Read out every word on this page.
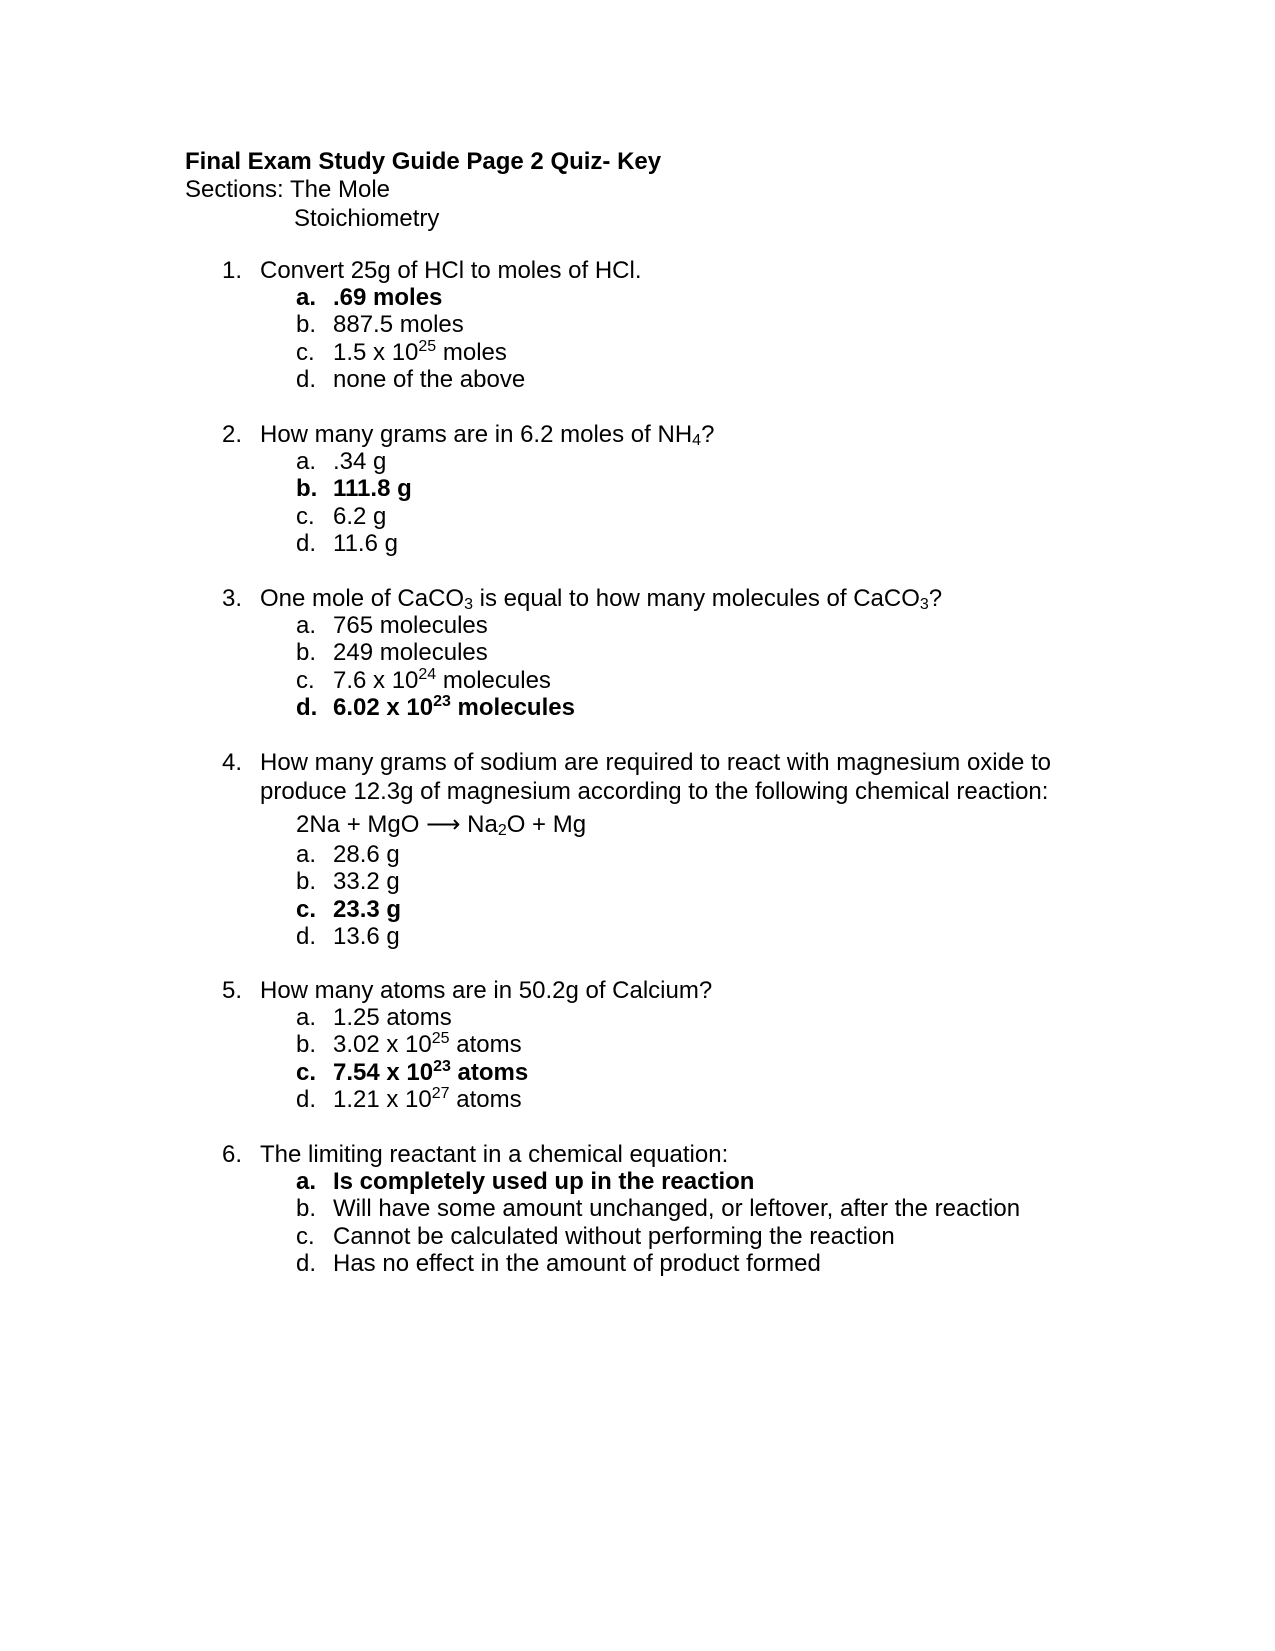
Final Exam Study Guide Page 2 Quiz- Key
Sections: The Mole
Stoichiometry
1. Convert 25g of HCl to moles of HCl.
a. .69 moles
b. 887.5 moles
c. 1.5 x $10^{25}$ moles
d. none of the above
2. How many grams are in 6.2 moles of $NH_4$?
a. .34 g
b. 111.8 g
c. 6.2 g
d. 11.6 g
3. One mole of CaCO$_3$ is equal to how many molecules of CaCO$_3$?
a. 765 molecules
b. 249 molecules
c. 7.6 x $10^{24}$ molecules
d. 6.02 x $10^{23}$ molecules
4. How many grams of sodium are required to react with magnesium oxide to
produce 12.3g of magnesium according to the following chemical reaction:
2Na + MgO ⟶ $Na_2O + Mg$
a. 28.6 g
b. 33.2 g
c. 23.3 g
d. 13.6 g
5. How many atoms are in 50.2g of Calcium?
a. 1.25 atoms
b. 3.02 x $10^{25}$ atoms
c. 7.54 x $10^{23}$ atoms
d. 1.21 x $10^{27}$ atoms
6. The limiting reactant in a chemical equation:
a. Is completely used up in the reaction
b. Will have some amount unchanged, or leftover, after the reaction
c. Cannot be calculated without performing the reaction
d. Has no effect in the amount of product formed
